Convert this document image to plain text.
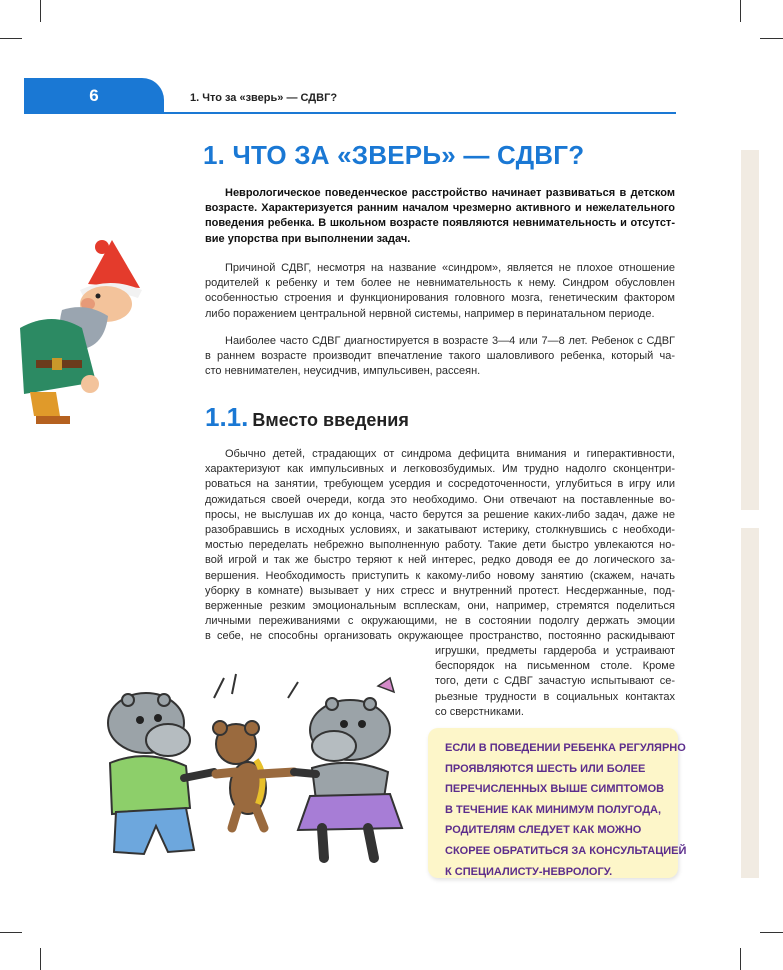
6	1. Что за «зверь» — СДВГ?
1. ЧТО ЗА «ЗВЕРЬ» — СДВГ?
Неврологическое поведенческое расстройство начинает развиваться в детском
возрасте. Характеризуется ранним началом чрезмерно активного и нежелательного
поведения ребенка. В школьном возрасте появляются невнимательность и отсутст-
вие упорства при выполнении задач.
Причиной СДВГ, несмотря на название «синдром», является не плохое отношение
родителей к ребенку и тем более не невнимательность к нему. Синдром обусловлен
особенностью строения и функционирования головного мозга, генетическим фактором
либо поражением центральной нервной системы, например в перинатальном периоде.
Наиболее часто СДВГ диагностируется в возрасте 3—4 или 7—8 лет. Ребенок с СДВГ
в раннем возрасте производит впечатление такого шаловливого ребенка, который ча-
сто невнимателен, неусидчив, импульсивен, рассеян.
1.1. Вместо введения
Обычно детей, страдающих от синдрома дефицита внимания и гиперактивности,
характеризуют как импульсивных и легковозбудимых. Им трудно надолго сконцентри-
роваться на занятии, требующем усердия и сосредоточенности, углубиться в игру или
дожидаться своей очереди, когда это необходимо. Они отвечают на поставленные во-
просы, не выслушав их до конца, часто берутся за решение каких-либо задач, даже не
разобравшись в исходных условиях, и закатывают истерику, столкнувшись с необходи-
мостью переделать небрежно выполненную работу. Такие дети быстро увлекаются но-
вой игрой и так же быстро теряют к ней интерес, редко доводя ее до логического за-
вершения. Необходимость приступить к какому-либо новому занятию (скажем, начать
уборку в комнате) вызывает у них стресс и внутренний протест. Несдержанные, под-
верженные резким эмоциональным всплескам, они, например, стремятся поделиться
личными переживаниями с окружающими, не в состоянии подолгу держать эмоции
в себе, не способны организовать окружающее пространство, постоянно раскидывают
игрушки, предметы гардероба и устраивают
беспорядок на письменном столе. Кроме
того, дети с СДВГ зачастую испытывают се-
рьезные трудности в социальных контактах
со сверстниками.
ЕСЛИ В ПОВЕДЕНИИ РЕБЕНКА РЕГУЛЯРНО
ПРОЯВЛЯЮТСЯ ШЕСТЬ ИЛИ БОЛЕЕ
ПЕРЕЧИСЛЕННЫХ ВЫШЕ СИМПТОМОВ
В ТЕЧЕНИЕ КАК МИНИМУМ ПОЛУГОДА,
РОДИТЕЛЯМ СЛЕДУЕТ КАК МОЖНО
СКОРЕЕ ОБРАТИТЬСЯ ЗА КОНСУЛЬТАЦИЕЙ
К СПЕЦИАЛИСТУ-НЕВРОЛОГУ.
